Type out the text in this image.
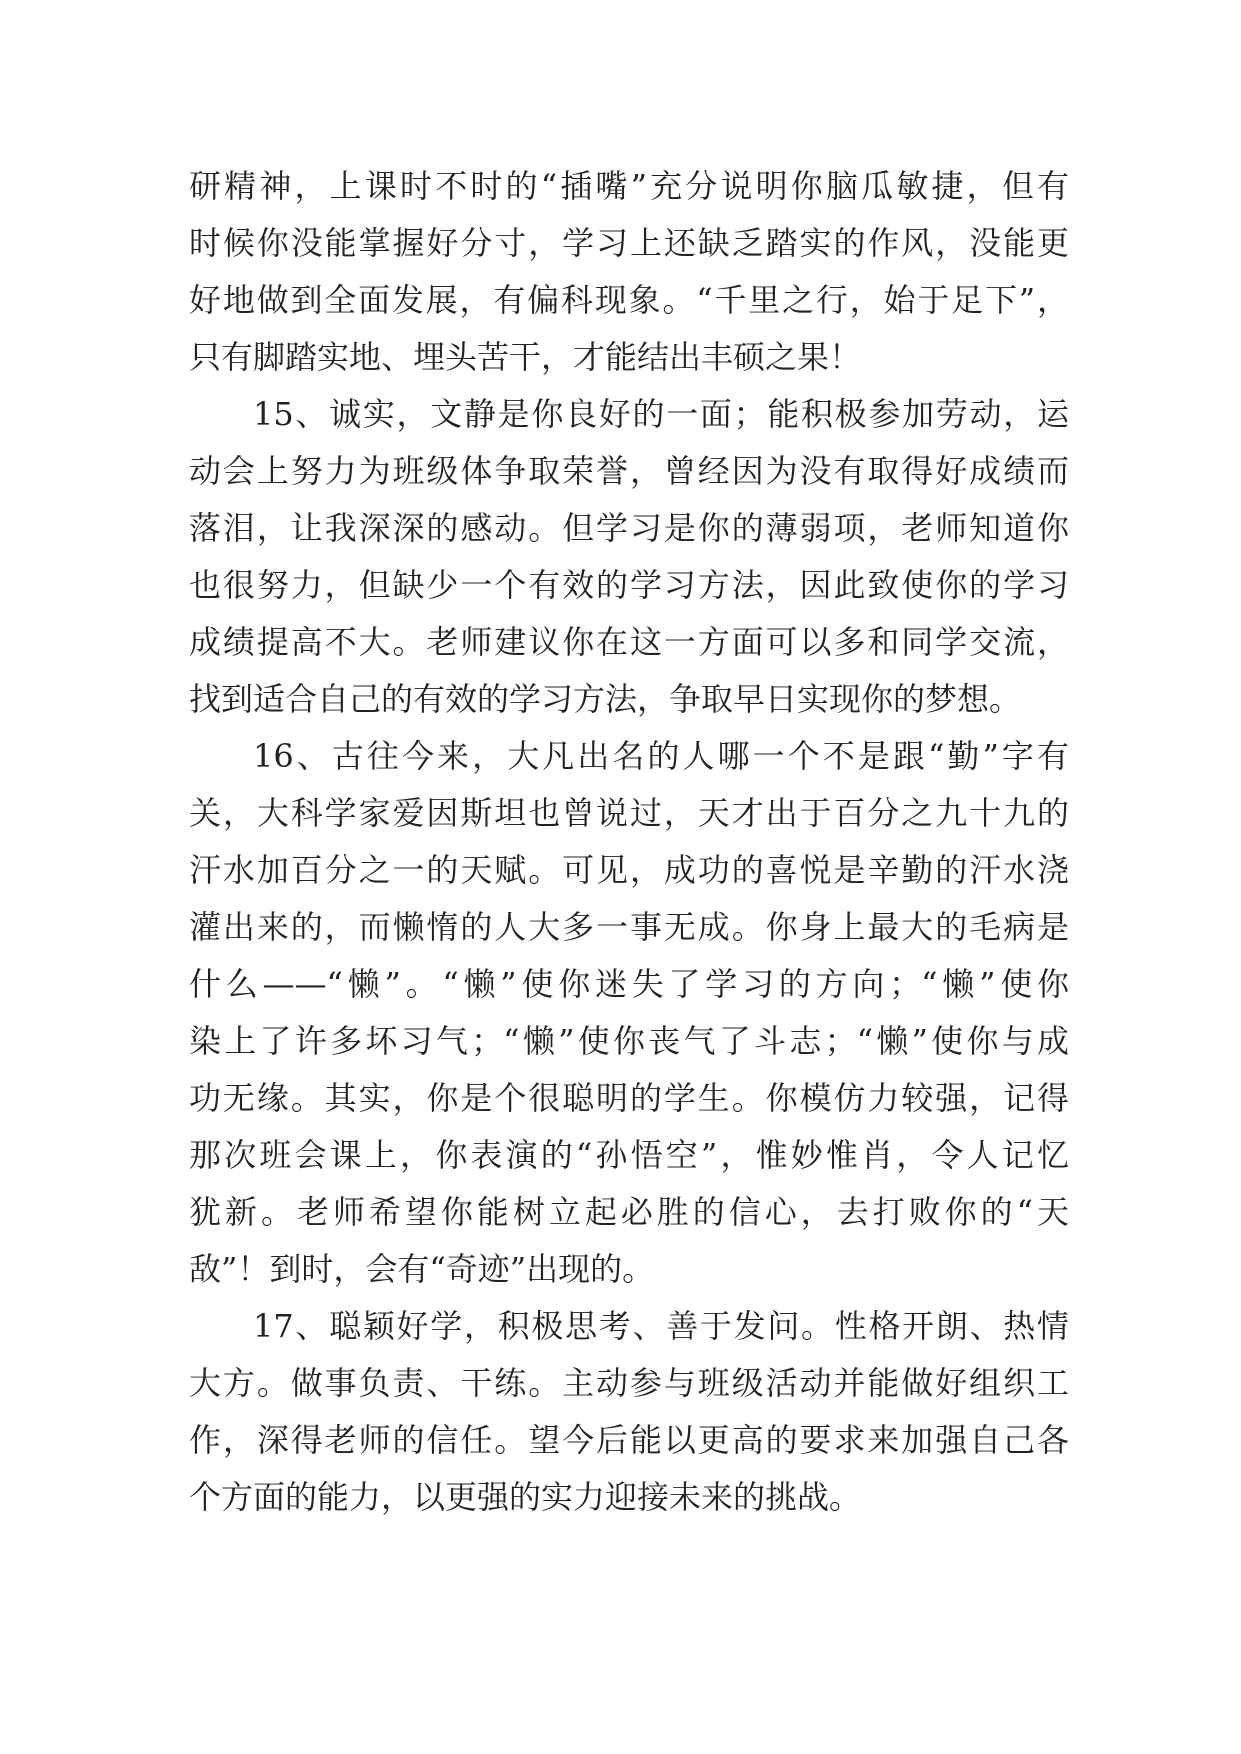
研精神，上课时不时的“插嘴”充分说明你脑瓜敏捷，但有
时候你没能掌握好分寸，学习上还缺乏踏实的作风，没能更
好地做到全面发展，有偏科现象。“千里之行，始于足下”，
只有脚踏实地、埋头苦干，才能结出丰硕之果！
15、诚实，文静是你良好的一面；能积极参加劳动，运
动会上努力为班级体争取荣誉，曾经因为没有取得好成绩而
落泪，让我深深的感动。但学习是你的薄弱项，老师知道你
也很努力，但缺少一个有效的学习方法，因此致使你的学习
成绩提高不大。老师建议你在这一方面可以多和同学交流，
找到适合自己的有效的学习方法，争取早日实现你的梦想。
16、古往今来，大凡出名的人哪一个不是跟“勤”字有
关，大科学家爱因斯坦也曾说过，天才出于百分之九十九的
汗水加百分之一的天赋。可见，成功的喜悦是辛勤的汗水浇
灌出来的，而懒惰的人大多一事无成。你身上最大的毛病是
什么——“懒”。“懒”使你迷失了学习的方向；“懒”使你
染上了许多坏习气；“懒”使你丧气了斗志；“懒”使你与成
功无缘。其实，你是个很聪明的学生。你模仿力较强，记得
那次班会课上，你表演的“孙悟空”，惟妙惟肖，令人记忆
犹新。老师希望你能树立起必胜的信心，去打败你的“天
敌”！到时，会有“奇迹”出现的。
17、聪颖好学，积极思考、善于发问。性格开朗、热情
大方。做事负责、干练。主动参与班级活动并能做好组织工
作，深得老师的信任。望今后能以更高的要求来加强自己各
个方面的能力，以更强的实力迎接未来的挑战。
